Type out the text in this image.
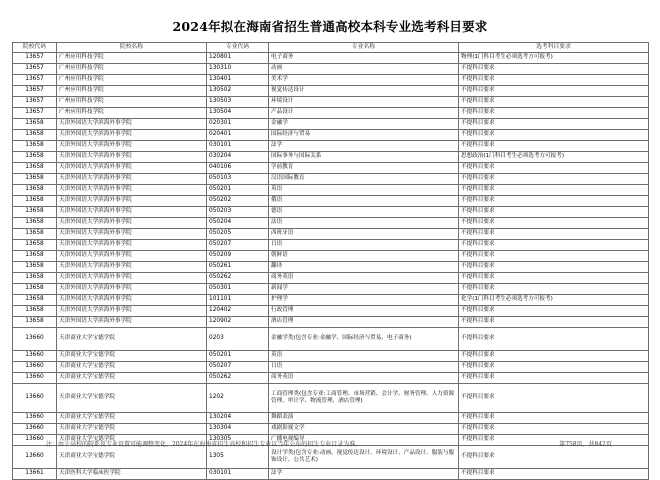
2024年拟在海南省招生普通高校本科专业选考科目要求
院校代码	院校名称	专业代码	专业名称	选考科目要求
13657	广州应用科技学院	120801	电子商务	物理(1门科目考生必须选考方可报考)
13657	广州应用科技学院	130310	动画	不提科目要求
13657	广州应用科技学院	130401	美术学	不提科目要求
13657	广州应用科技学院	130502	视觉传达设计	不提科目要求
13657	广州应用科技学院	130503	环境设计	不提科目要求
13657	广州应用科技学院	130504	产品设计	不提科目要求
13658	天津外国语大学滨海外事学院	020301	金融学	不提科目要求
13658	天津外国语大学滨海外事学院	020401	国际经济与贸易	不提科目要求
13658	天津外国语大学滨海外事学院	030101	法学	不提科目要求
13658	天津外国语大学滨海外事学院	030204	国际事务与国际关系	思想政治(1门科目考生必须选考方可报考)
13658	天津外国语大学滨海外事学院	040106	学前教育	不提科目要求
13658	天津外国语大学滨海外事学院	050103	汉语国际教育	不提科目要求
13658	天津外国语大学滨海外事学院	050201	英语	不提科目要求
13658	天津外国语大学滨海外事学院	050202	俄语	不提科目要求
13658	天津外国语大学滨海外事学院	050203	德语	不提科目要求
13658	天津外国语大学滨海外事学院	050204	法语	不提科目要求
13658	天津外国语大学滨海外事学院	050205	西班牙语	不提科目要求
13658	天津外国语大学滨海外事学院	050207	日语	不提科目要求
13658	天津外国语大学滨海外事学院	050209	朝鲜语	不提科目要求
13658	天津外国语大学滨海外事学院	050261	翻译	不提科目要求
13658	天津外国语大学滨海外事学院	050262	商务英语	不提科目要求
13658	天津外国语大学滨海外事学院	050301	新闻学	不提科目要求
13658	天津外国语大学滨海外事学院	101101	护理学	化学(1门科目考生必须选考方可报考)
13658	天津外国语大学滨海外事学院	120402	行政管理	不提科目要求
13658	天津外国语大学滨海外事学院	120902	酒店管理	不提科目要求
13660	天津商业大学宝德学院	0203	金融学类(包含专业:金融学、国际经济与贸易、电子商务)	不提科目要求
13660	天津商业大学宝德学院	050201	英语	不提科目要求
13660	天津商业大学宝德学院	050207	日语	不提科目要求
13660	天津商业大学宝德学院	050262	商务英语	不提科目要求
13660	天津商业大学宝德学院	1202	工商管理类(包含专业:工商管理、市场营销、会计学、财务管理、人力资源管理、审计学、物流管理、酒店管理)	不提科目要求
13660	天津商业大学宝德学院	130204	舞蹈表演	不提科目要求
13660	天津商业大学宝德学院	130304	戏剧影视文学	不提科目要求
13660	天津商业大学宝德学院	130305	广播电视编导	不提科目要求
13660	天津商业大学宝德学院	1305	设计学类(包含专业:动画、视觉传达设计、环境设计、产品设计、服装与服饰设计、公共艺术)	不提科目要求
13661	天津医科大学临床医学院	030101	法学	不提科目要求
注：由于高校的院系及专业设置可能调整变化，2024年在海南省招生高校和招生专业以当年公布的招生专业目录为准。	第758页，共842页
